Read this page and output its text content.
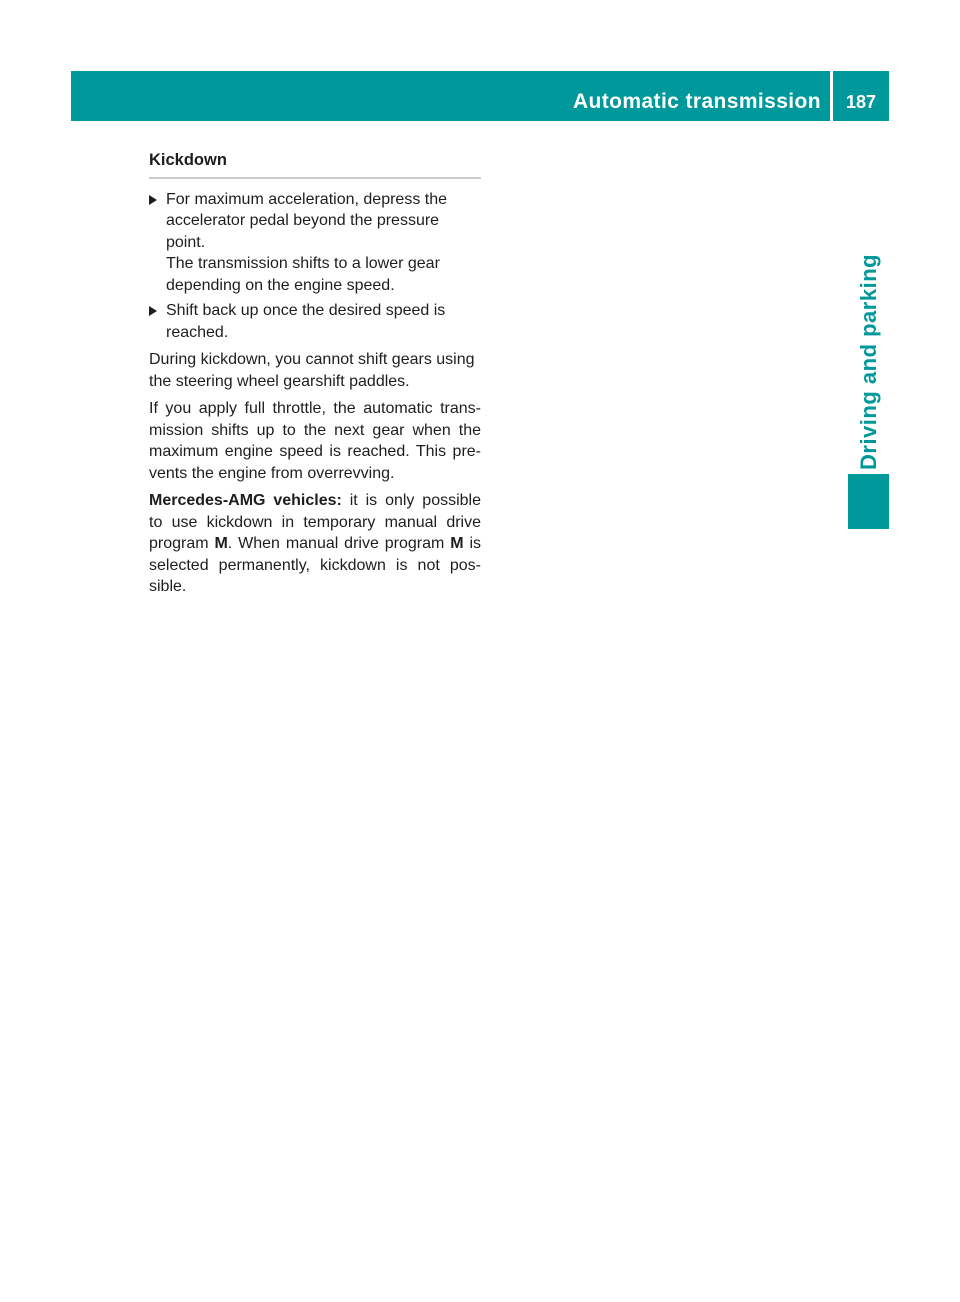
Automatic transmission	187
Driving and parking
Kickdown

For maximum acceleration, depress the accelerator pedal beyond the pressure point.

The transmission shifts to a lower gear depending on the engine speed.

Shift back up once the desired speed is reached.

During kickdown, you cannot shift gears using the steering wheel gearshift paddles.

If you apply full throttle, the automatic trans-mission shifts up to the next gear when the maximum engine speed is reached. This pre-vents the engine from overrevving.

Mercedes-AMG vehicles: it is only possible to use kickdown in temporary manual drive program M. When manual drive program M is selected permanently, kickdown is not pos-sible.
